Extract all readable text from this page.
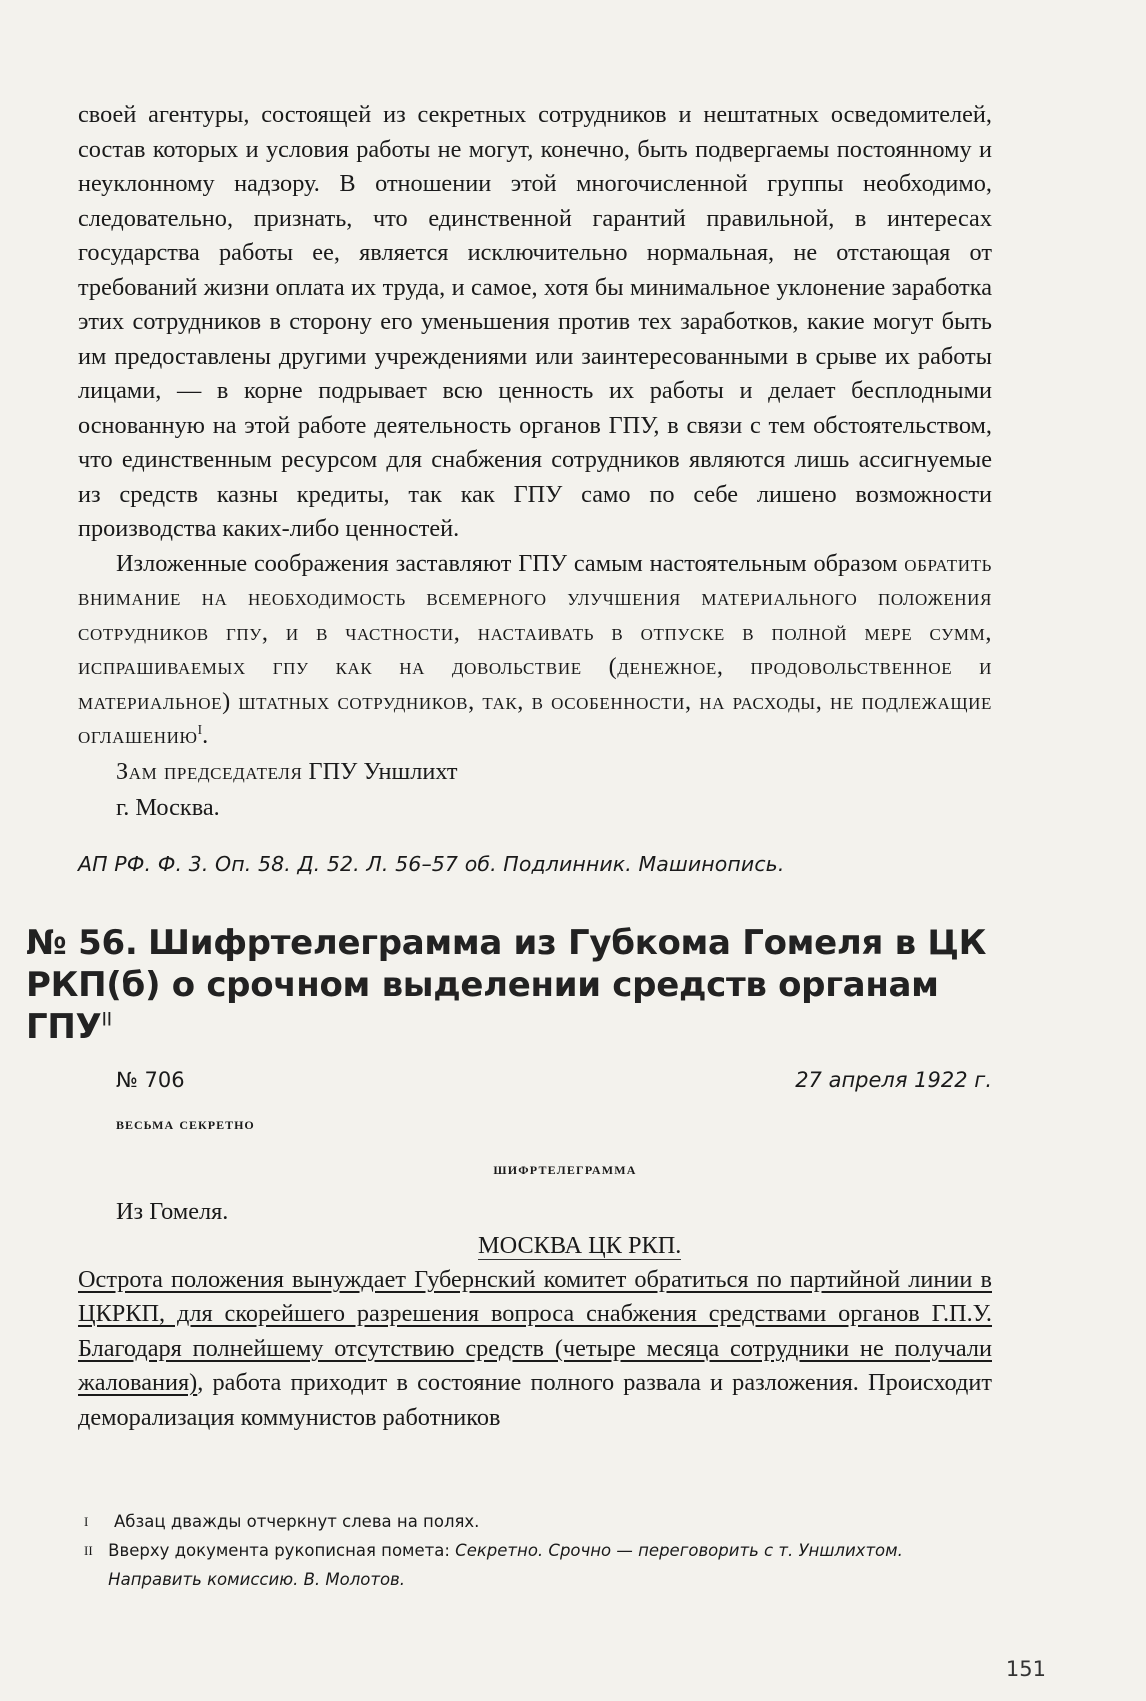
своей агентуры, состоящей из секретных сотрудников и нештатных осведомителей, состав которых и условия работы не могут, конечно, быть подвергаемы постоянному и неуклонному надзору. В отношении этой многочисленной группы необходимо, следовательно, признать, что единственной гарантий правильной, в интересах государства работы ее, является исключительно нормальная, не отстающая от требований жизни оплата их труда, и самое, хотя бы минимальное уклонение заработка этих сотрудников в сторону его уменьшения против тех заработков, какие могут быть им предоставлены другими учреждениями или заинтересованными в срыве их работы лицами, — в корне подрывает всю ценность их работы и делает бесплодными основанную на этой работе деятельность органов ГПУ, в связи с тем обстоятельством, что единственным ресурсом для снабжения сотрудников являются лишь ассигнуемые из средств казны кредиты, так как ГПУ само по себе лишено возможности производства каких-либо ценностей.

Изложенные соображения заставляют ГПУ самым настоятельным образом обратить внимание на необходимость всемерного улучшения материального положения сотрудников гпу, и в частности, настаивать в отпуске в полной мере сумм, испрашиваемых гпу как на довольствие (денежное, продовольственное и материальное) штатных сотрудников, так, в особенности, на расходы, не подлежащие оглашению$^I$.
Зам председателя ГПУ Уншлихт
г. Москва.
АП РФ. Ф. 3. Оп. 58. Д. 52. Л. 56–57 об. Подлинник. Машинопись.
№ 56. Шифртелеграмма из Губкома Гомеля в ЦК РКП(б) о срочном выделении средств органам $ГПУ^{II}$
№ 706	27 апреля 1922 г.
весьма секретно
шифртелеграмма
Из Гомеля.
МОСКВА ЦК РКП.
Острота положения вынуждает Губернский комитет обратиться по партийной линии в ЦКРКП, для скорейшего разрешения вопроса снабжения средствами органов Г.П.У. Благодаря полнейшему отсутствию средств (четыре месяца сотрудники не получали жалования), работа приходит в состояние полного развала и разложения. Происходит деморализация коммунистов работников
I	Абзац дважды отчеркнут слева на полях.
II Вверху документа рукописная помета: Секретно. Срочно — переговорить с т. Уншлихтом. Направить комиссию. В. Молотов.
151
